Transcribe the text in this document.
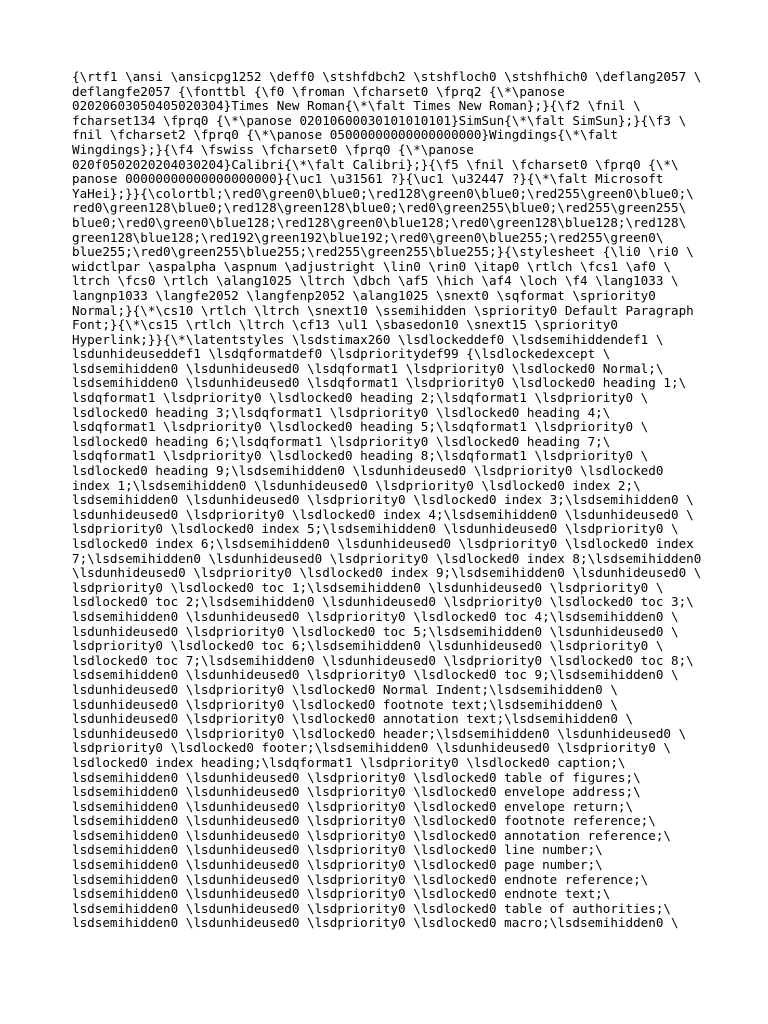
{\rtf1 \ansi \ansicpg1252 \deff0 \stshfdbch2 \stshfloch0 \stshfhich0 \deflang2057 \
deflangfe2057 {\fonttbl {\f0 \froman \fcharset0 \fprq2 {\*\panose
02020603050405020304}Times New Roman{\*\falt Times New Roman};}{\f2 \fnil \
fcharset134 \fprq0 {\*\panose 02010600030101010101}SimSun{\*\falt SimSun};}{\f3 \
fnil \fcharset2 \fprq0 {\*\panose 05000000000000000000}Wingdings{\*\falt
Wingdings};}{\f4 \fswiss \fcharset0 \fprq0 {\*\panose
020f0502020204030204}Calibri{\*\falt Calibri};}{\f5 \fnil \fcharset0 \fprq0 {\*\
panose 00000000000000000000}{\uc1 \u31561 ?}{\uc1 \u32447 ?}{\*\falt Microsoft
YaHei};}}{\colortbl;\red0\green0\blue0;\red128\green0\blue0;\red255\green0\blue0;\
red0\green128\blue0;\red128\green128\blue0;\red0\green255\blue0;\red255\green255\
blue0;\red0\green0\blue128;\red128\green0\blue128;\red0\green128\blue128;\red128\
green128\blue128;\red192\green192\blue192;\red0\green0\blue255;\red255\green0\
blue255;\red0\green255\blue255;\red255\green255\blue255;}{\stylesheet {\li0 \ri0 \
widctlpar \aspalpha \aspnum \adjustright \lin0 \rin0 \itap0 \rtlch \fcs1 \af0 \
ltrch \fcs0 \rtlch \alang1025 \ltrch \dbch \af5 \hich \af4 \loch \f4 \lang1033 \
langnp1033 \langfe2052 \langfenp2052 \alang1025 \snext0 \sqformat \spriority0
Normal;}{\*\cs10 \rtlch \ltrch \snext10 \ssemihidden \spriority0 Default Paragraph
Font;}{\*\cs15 \rtlch \ltrch \cf13 \ul1 \sbasedon10 \snext15 \spriority0
Hyperlink;}}{\*\latentstyles \lsdstimax260 \lsdlockeddef0 \lsdsemihiddendef1 \
lsdunhideuseddef1 \lsdqformatdef0 \lsdprioritydef99 {\lsdlockedexcept \
lsdsemihidden0 \lsdunhideused0 \lsdqformat1 \lsdpriority0 \lsdlocked0 Normal;\
lsdsemihidden0 \lsdunhideused0 \lsdqformat1 \lsdpriority0 \lsdlocked0 heading 1;\
lsdqformat1 \lsdpriority0 \lsdlocked0 heading 2;\lsdqformat1 \lsdpriority0 \
lsdlocked0 heading 3;\lsdqformat1 \lsdpriority0 \lsdlocked0 heading 4;\
lsdqformat1 \lsdpriority0 \lsdlocked0 heading 5;\lsdqformat1 \lsdpriority0 \
lsdlocked0 heading 6;\lsdqformat1 \lsdpriority0 \lsdlocked0 heading 7;\
lsdqformat1 \lsdpriority0 \lsdlocked0 heading 8;\lsdqformat1 \lsdpriority0 \
lsdlocked0 heading 9;\lsdsemihidden0 \lsdunhideused0 \lsdpriority0 \lsdlocked0
index 1;\lsdsemihidden0 \lsdunhideused0 \lsdpriority0 \lsdlocked0 index 2;\
lsdsemihidden0 \lsdunhideused0 \lsdpriority0 \lsdlocked0 index 3;\lsdsemihidden0 \
lsdunhideused0 \lsdpriority0 \lsdlocked0 index 4;\lsdsemihidden0 \lsdunhideused0 \
lsdpriority0 \lsdlocked0 index 5;\lsdsemihidden0 \lsdunhideused0 \lsdpriority0 \
lsdlocked0 index 6;\lsdsemihidden0 \lsdunhideused0 \lsdpriority0 \lsdlocked0 index
7;\lsdsemihidden0 \lsdunhideused0 \lsdpriority0 \lsdlocked0 index 8;\lsdsemihidden0
\lsdunhideused0 \lsdpriority0 \lsdlocked0 index 9;\lsdsemihidden0 \lsdunhideused0 \
lsdpriority0 \lsdlocked0 toc 1;\lsdsemihidden0 \lsdunhideused0 \lsdpriority0 \
lsdlocked0 toc 2;\lsdsemihidden0 \lsdunhideused0 \lsdpriority0 \lsdlocked0 toc 3;\
lsdsemihidden0 \lsdunhideused0 \lsdpriority0 \lsdlocked0 toc 4;\lsdsemihidden0 \
lsdunhideused0 \lsdpriority0 \lsdlocked0 toc 5;\lsdsemihidden0 \lsdunhideused0 \
lsdpriority0 \lsdlocked0 toc 6;\lsdsemihidden0 \lsdunhideused0 \lsdpriority0 \
lsdlocked0 toc 7;\lsdsemihidden0 \lsdunhideused0 \lsdpriority0 \lsdlocked0 toc 8;\
lsdsemihidden0 \lsdunhideused0 \lsdpriority0 \lsdlocked0 toc 9;\lsdsemihidden0 \
lsdunhideused0 \lsdpriority0 \lsdlocked0 Normal Indent;\lsdsemihidden0 \
lsdunhideused0 \lsdpriority0 \lsdlocked0 footnote text;\lsdsemihidden0 \
lsdunhideused0 \lsdpriority0 \lsdlocked0 annotation text;\lsdsemihidden0 \
lsdunhideused0 \lsdpriority0 \lsdlocked0 header;\lsdsemihidden0 \lsdunhideused0 \
lsdpriority0 \lsdlocked0 footer;\lsdsemihidden0 \lsdunhideused0 \lsdpriority0 \
lsdlocked0 index heading;\lsdqformat1 \lsdpriority0 \lsdlocked0 caption;\
lsdsemihidden0 \lsdunhideused0 \lsdpriority0 \lsdlocked0 table of figures;\
lsdsemihidden0 \lsdunhideused0 \lsdpriority0 \lsdlocked0 envelope address;\
lsdsemihidden0 \lsdunhideused0 \lsdpriority0 \lsdlocked0 envelope return;\
lsdsemihidden0 \lsdunhideused0 \lsdpriority0 \lsdlocked0 footnote reference;\
lsdsemihidden0 \lsdunhideused0 \lsdpriority0 \lsdlocked0 annotation reference;\
lsdsemihidden0 \lsdunhideused0 \lsdpriority0 \lsdlocked0 line number;\
lsdsemihidden0 \lsdunhideused0 \lsdpriority0 \lsdlocked0 page number;\
lsdsemihidden0 \lsdunhideused0 \lsdpriority0 \lsdlocked0 endnote reference;\
lsdsemihidden0 \lsdunhideused0 \lsdpriority0 \lsdlocked0 endnote text;\
lsdsemihidden0 \lsdunhideused0 \lsdpriority0 \lsdlocked0 table of authorities;\
lsdsemihidden0 \lsdunhideused0 \lsdpriority0 \lsdlocked0 macro;\lsdsemihidden0 \
